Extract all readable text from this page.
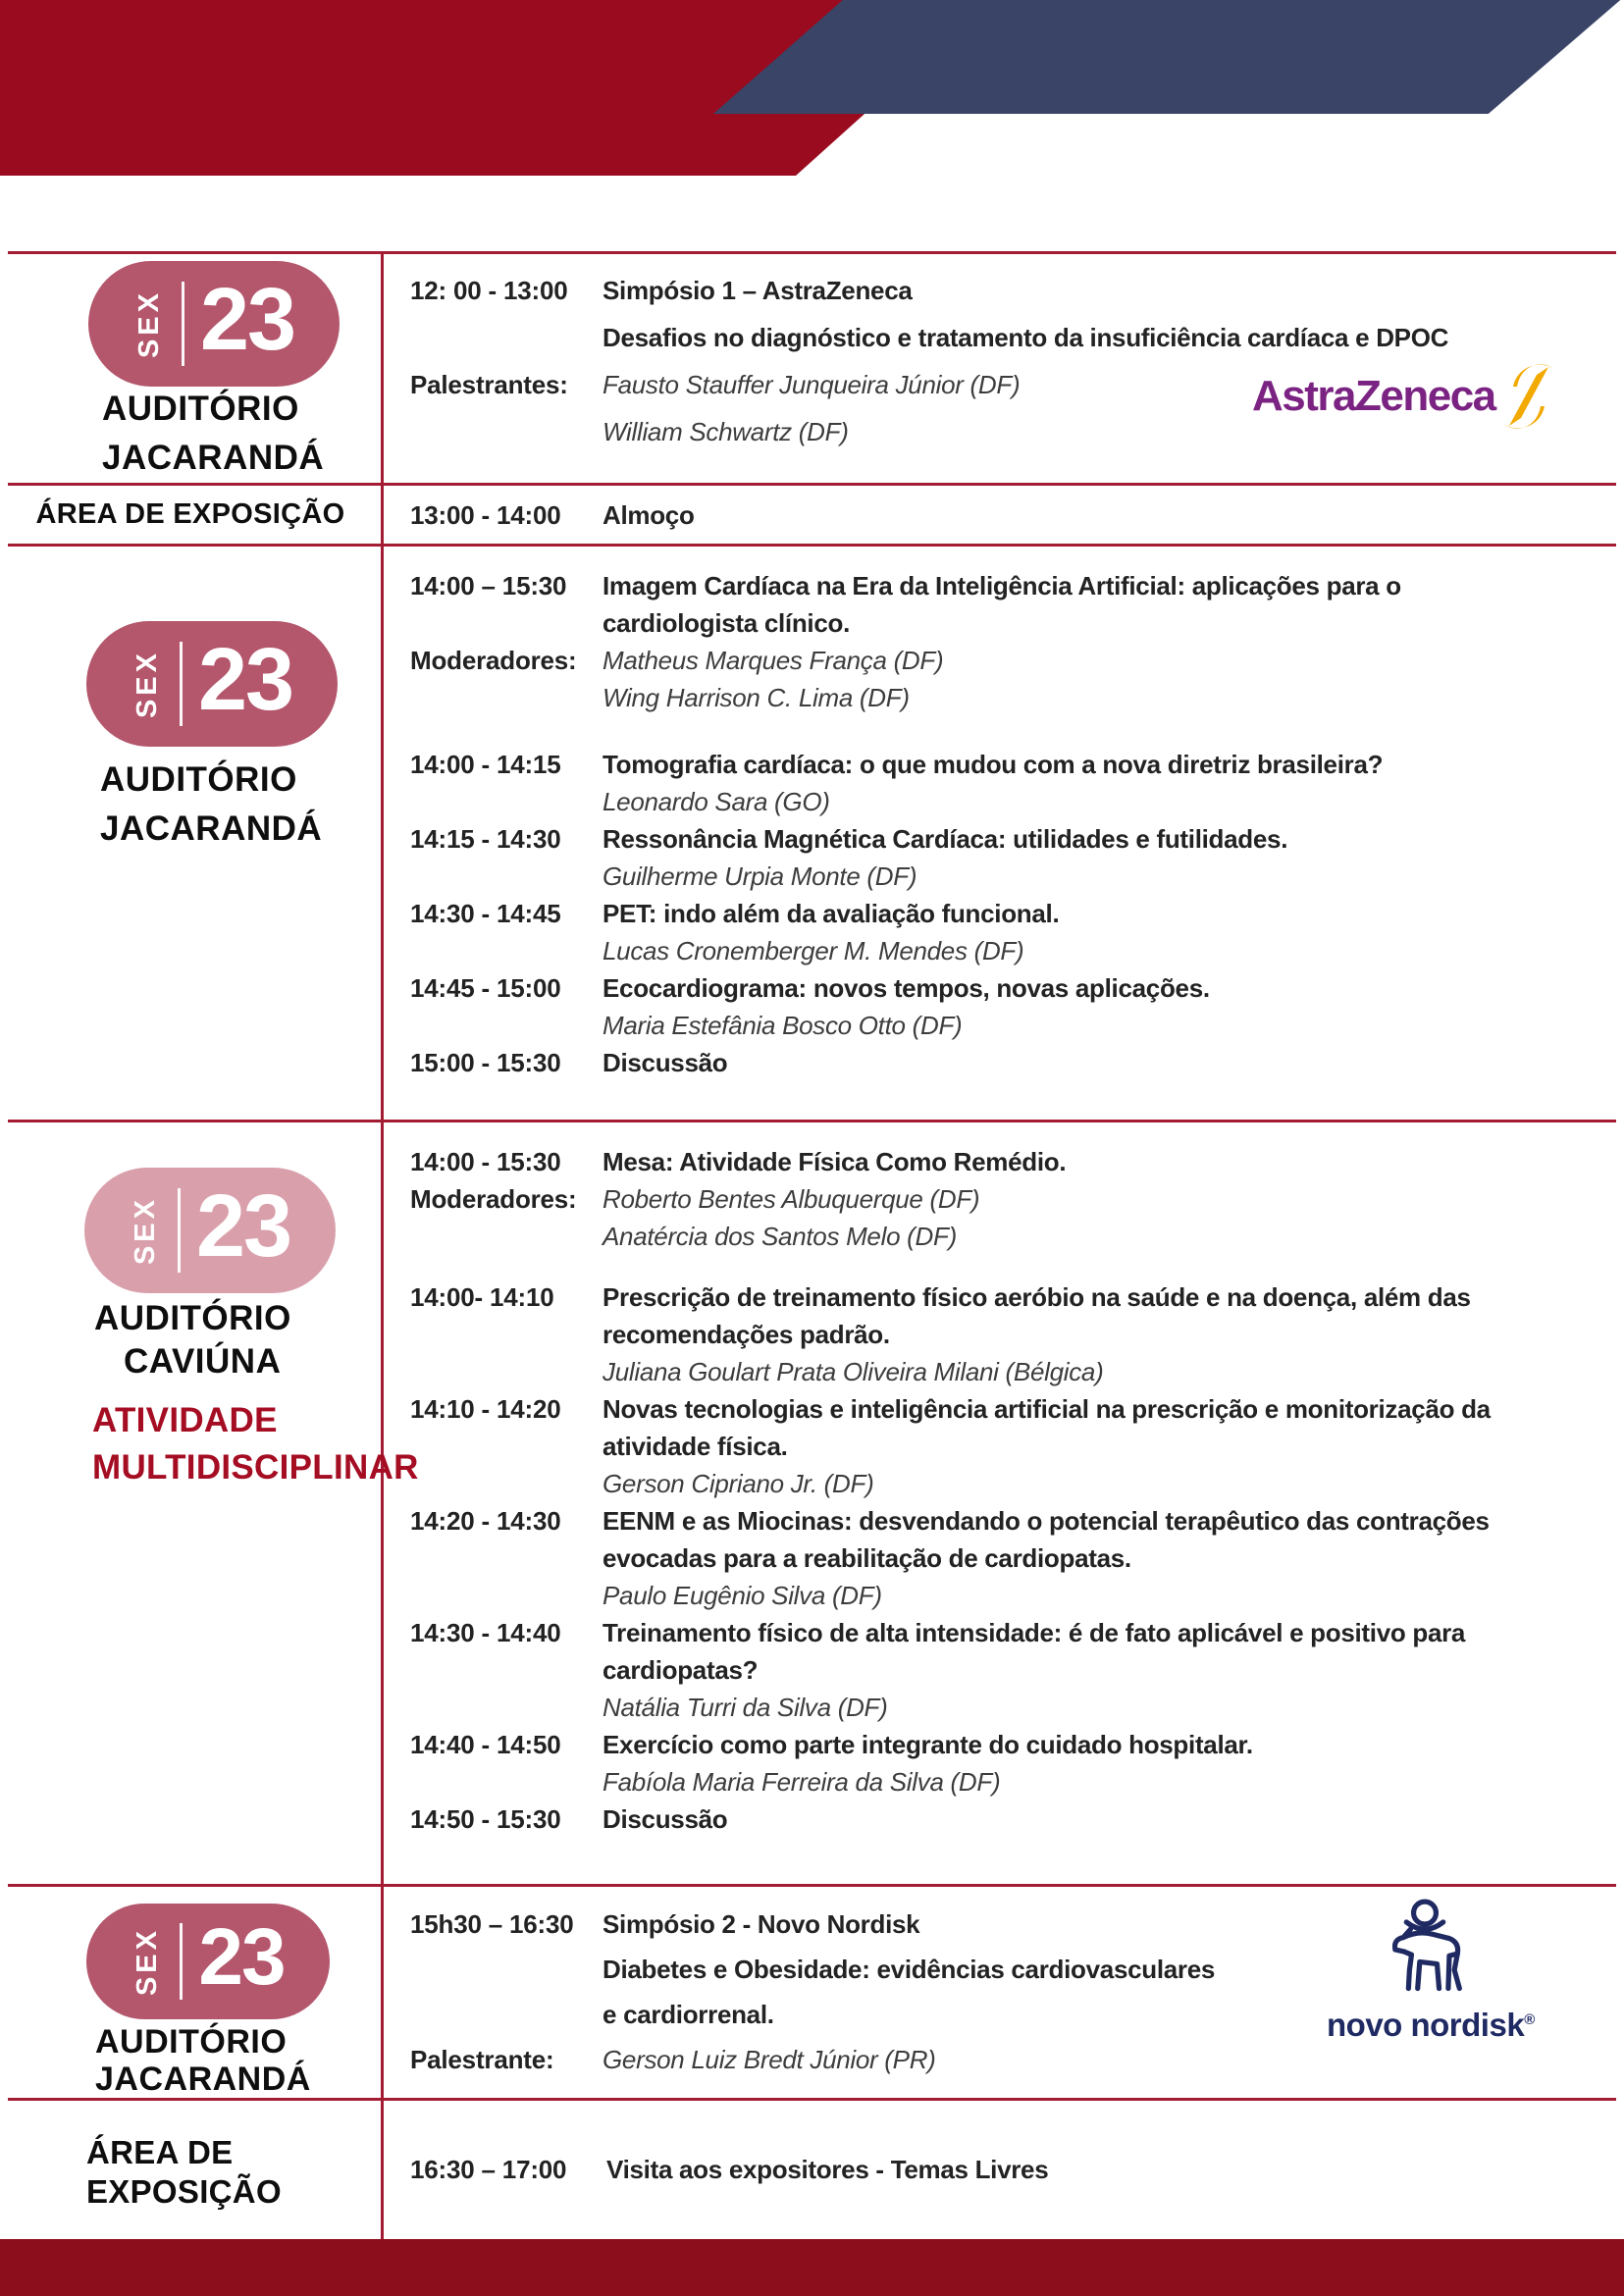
SEX 23
AUDITÓRIO
JACARANDÁ
12: 00 - 13:00	Simpósio 1 – AstraZeneca
Desafios no diagnóstico e tratamento da insuficiência cardíaca e DPOC
Palestrantes:	Fausto Stauffer Junqueira Júnior (DF)
William Schwartz (DF)
AstraZeneca
ÁREA DE EXPOSIÇÃO	13:00 - 14:00	Almoço
SEX 23
AUDITÓRIO
JACARANDÁ
14:00 – 15:30	Imagem Cardíaca na Era da Inteligência Artificial: aplicações para o
cardiologista clínico.
Moderadores:	Matheus Marques França (DF)
Wing Harrison C. Lima (DF)
14:00 - 14:15	Tomografia cardíaca: o que mudou com a nova diretriz brasileira?
Leonardo Sara (GO)
14:15 - 14:30	Ressonância Magnética Cardíaca: utilidades e futilidades.
Guilherme Urpia Monte (DF)
14:30 - 14:45	PET: indo além da avaliação funcional.
Lucas Cronemberger M. Mendes (DF)
14:45 - 15:00	Ecocardiograma: novos tempos, novas aplicações.
Maria Estefânia Bosco Otto (DF)
15:00 - 15:30	Discussão
SEX 23
AUDITÓRIO
CAVIÚNA
ATIVIDADE
MULTIDISCIPLINAR
14:00 - 15:30	Mesa: Atividade Física Como Remédio.
Moderadores:	Roberto Bentes Albuquerque (DF)
Anatércia dos Santos Melo (DF)
14:00- 14:10	Prescrição de treinamento físico aeróbio na saúde e na doença, além das
recomendações padrão.
Juliana Goulart Prata Oliveira Milani (Bélgica)
14:10 - 14:20	Novas tecnologias e inteligência artificial na prescrição e monitorização da
atividade física.
Gerson Cipriano Jr. (DF)
14:20 - 14:30	EENM e as Miocinas: desvendando o potencial terapêutico das contrações
evocadas para a reabilitação de cardiopatas.
Paulo Eugênio Silva (DF)
14:30 - 14:40	Treinamento físico de alta intensidade: é de fato aplicável e positivo para
cardiopatas?
Natália Turri da Silva (DF)
14:40 - 14:50	Exercício como parte integrante do cuidado hospitalar.
Fabíola Maria Ferreira da Silva (DF)
14:50 - 15:30	Discussão
SEX 23
AUDITÓRIO
JACARANDÁ
15h30 – 16:30	Simpósio 2 - Novo Nordisk
Diabetes e Obesidade: evidências cardiovasculares
e cardiorrenal.
Palestrante:	Gerson Luiz Bredt Júnior (PR)
novo nordisk®
ÁREA DE
EXPOSIÇÃO
16:30 – 17:00	Visita aos expositores - Temas Livres
